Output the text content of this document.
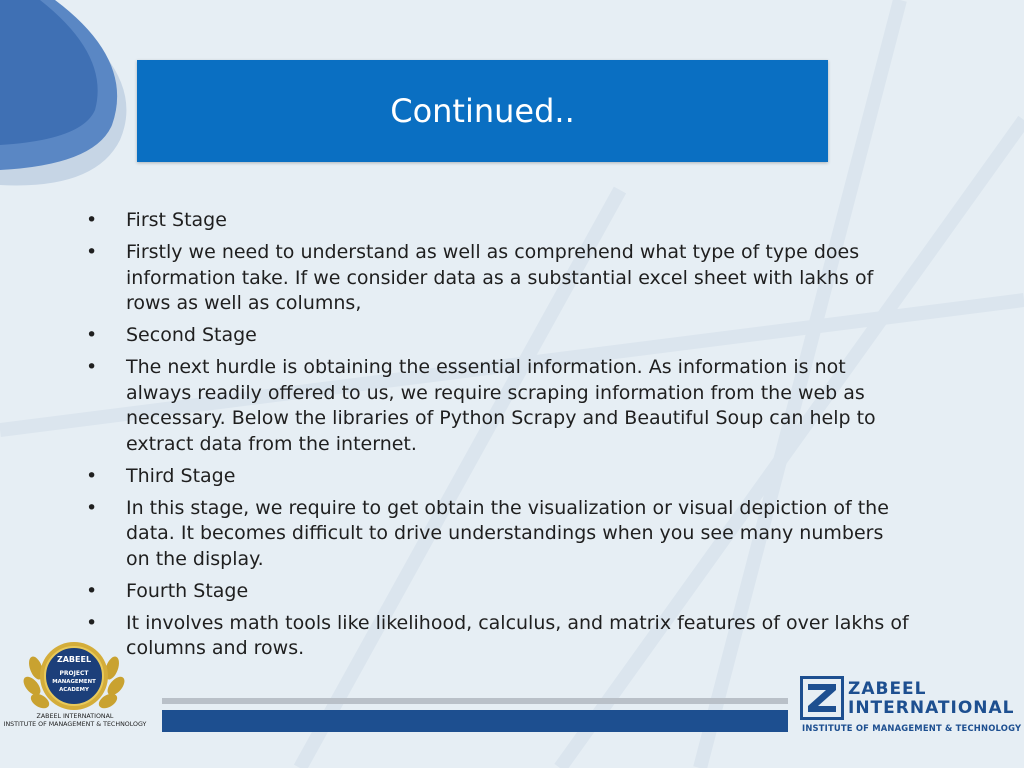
Continued..
• First Stage
• Firstly we need to understand as well as comprehend what type of type does information take. If we consider data as a substantial excel sheet with lakhs of rows as well as columns,
• Second Stage
• The next hurdle is obtaining the essential information. As information is not always readily offered to us, we require scraping information from the web as necessary. Below the libraries of Python Scrapy and Beautiful Soup can help to extract data from the internet.
• Third Stage
• In this stage, we require to get obtain the visualization or visual depiction of the data. It becomes difficult to drive understandings when you see many numbers on the display.
• Fourth Stage
• It involves math tools like likelihood, calculus, and matrix features of over lakhs of columns and rows.
ZABEEL
PROJECT
MANAGEMENT
ACADEMY
ZABEEL INTERNATIONAL
INSTITUTE OF MANAGEMENT & TECHNOLOGY
ZABEEL
INTERNATIONAL
INSTITUTE OF MANAGEMENT & TECHNOLOGY
